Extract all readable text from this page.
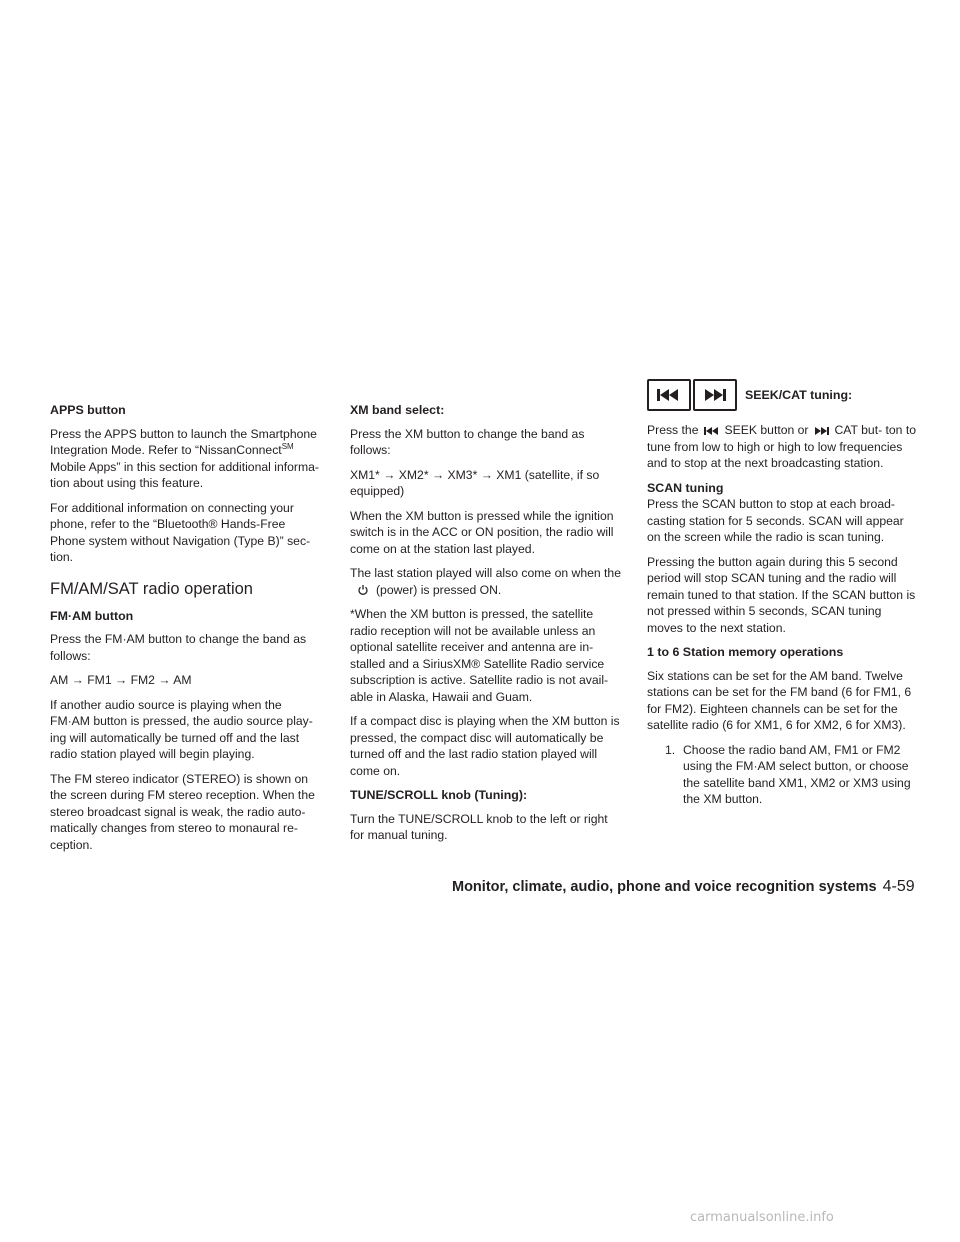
APPS button

Press the APPS button to launch the Smartphone Integration Mode. Refer to “NissanConnect℠ Mobile Apps” in this section for additional informa- tion about using this feature.

For additional information on connecting your phone, refer to the “Bluetooth® Hands-Free Phone system without Navigation (Type B)” sec- tion.

FM/AM/SAT radio operation
FM·AM button

Press the FM·AM button to change the band as follows:

AM → FM1 → FM2 → AM

If another audio source is playing when the FM·AM button is pressed, the audio source play- ing will automatically be turned off and the last radio station played will begin playing.

The FM stereo indicator (STEREO) is shown on the screen during FM stereo reception. When the stereo broadcast signal is weak, the radio auto- matically changes from stereo to monaural re- ception.

XM band select:

Press the XM button to change the band as follows:

XM1* → XM2* → XM3* → XM1 (satellite, if so equipped)

When the XM button is pressed while the ignition switch is in the ACC or ON position, the radio will come on at the station last played.

The last station played will also come on when the
(power) is pressed ON.

*When the XM button is pressed, the satellite radio reception will not be available unless an optional satellite receiver and antenna are in- stalled and a SiriusXM® Satellite Radio service subscription is active. Satellite radio is not avail- able in Alaska, Hawaii and Guam.

If a compact disc is playing when the XM button is pressed, the compact disc will automatically be turned off and the last radio station played will come on.

TUNE/SCROLL knob (Tuning):

Turn the TUNE/SCROLL knob to the left or right for manual tuning.

SEEK/CAT tuning:

Press the SEEK button or CAT but- ton to tune from low to high or high to low frequencies and to stop at the next broadcasting station.

SCAN tuning

Press the SCAN button to stop at each broad- casting station for 5 seconds. SCAN will appear on the screen while the radio is scan tuning.

Pressing the button again during this 5 second period will stop SCAN tuning and the radio will remain tuned to that station. If the SCAN button is not pressed within 5 seconds, SCAN tuning moves to the next station.

1 to 6 Station memory operations

Six stations can be set for the AM band. Twelve stations can be set for the FM band (6 for FM1, 6 for FM2). Eighteen channels can be set for the satellite radio (6 for XM1, 6 for XM2, 6 for XM3).

1. Choose the radio band AM, FM1 or FM2 using the FM·AM select button, or choose the satellite band XM1, XM2 or XM3 using the XM button.
Monitor, climate, audio, phone and voice recognition systems 4-59
carmanualsonline.info
